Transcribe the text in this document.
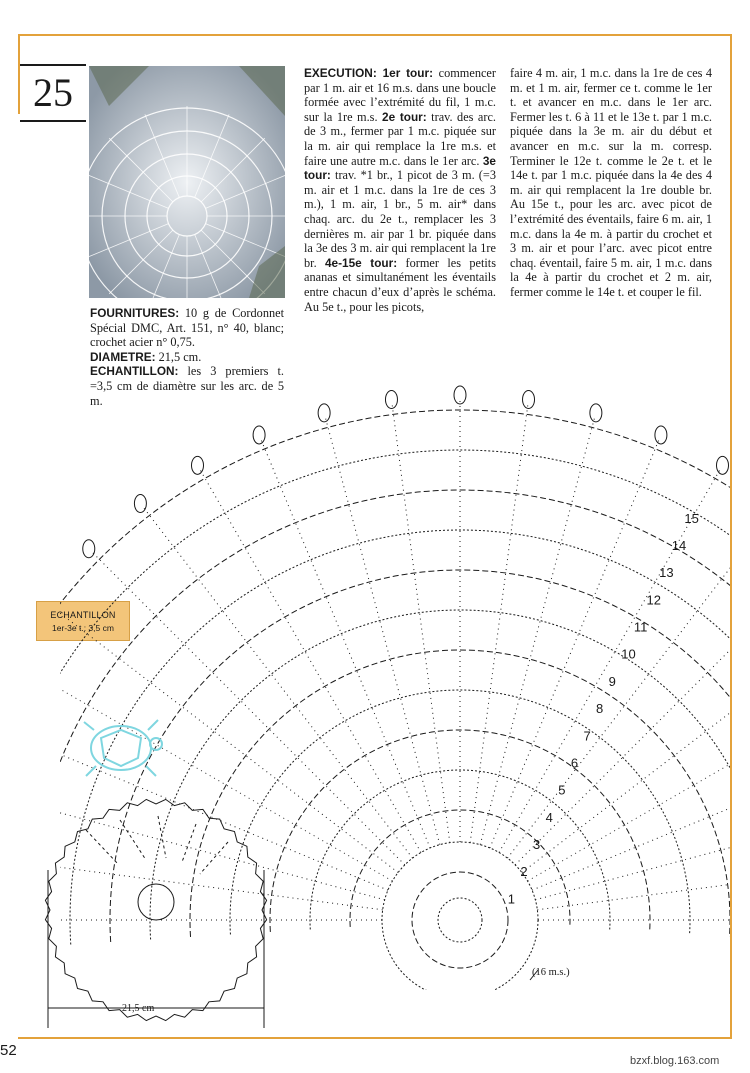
25

FOURNITURES: 10 g de Cordonnet Spécial DMC, Art. 151, n° 40, blanc; crochet acier n° 0,75.

DIAMETRE: 21,5 cm.

ECHANTILLON: les 3 premiers t. =3,5 cm de diamètre sur les arc. de 5 m.

EXECUTION: 1er tour: commencer par 1 m. air et 16 m.s. dans une boucle formée avec l’extrémité du fil, 1 m.c. sur la 1re m.s. 2e tour: trav. des arc. de 3 m., fermer par 1 m.c. piquée sur la m. air qui remplace la 1re m.s. et faire une autre m.c. dans le 1er arc. 3e tour: trav. *1 br., 1 picot de 3 m. (=3 m. air et 1 m.c. dans la 1re de ces 3 m.), 1 m. air, 1 br., 5 m. air* dans chaq. arc. du 2e t., remplacer les 3 dernières m. air par 1 br. piquée dans la 3e des 3 m. air qui remplacent la 1re br. 4e-15e tour: former les petits ananas et simultanément les éventails entre chacun d’eux d’après le schéma. Au 5e t., pour les picots,

faire 4 m. air, 1 m.c. dans la 1re de ces 4 m. et 1 m. air, fermer ce t. comme le 1er t. et avancer en m.c. dans le 1er arc. Fermer les t. 6 à 11 et le 13e t. par 1 m.c. piquée dans la 3e m. air du début et avancer en m.c. sur la m. corresp. Terminer le 12e t. comme le 2e t. et le 14e t. par 1 m.c. piquée dans la 4e des 4 m. air qui remplacent la 1re double br. Au 15e t., pour les arc. avec picot de l’extrémité des éventails, faire 6 m. air, 1 m.c. dans la 4e m. à partir du crochet et 3 m. air et pour l’arc. avec picot entre chaq. éventail, faire 5 m. air, 1 m.c. dans la 4e à partir du crochet et 2 m. air, fermer comme le 14e t. et couper le fil.

ECHANTILLON
1er-3e t.: 3,5 cm
1
2
3
4
5
6
7
8
9
10
11
12
13
14
15
21,5 cm
(16 m.s.)
52
bzxf.blog.163.com
